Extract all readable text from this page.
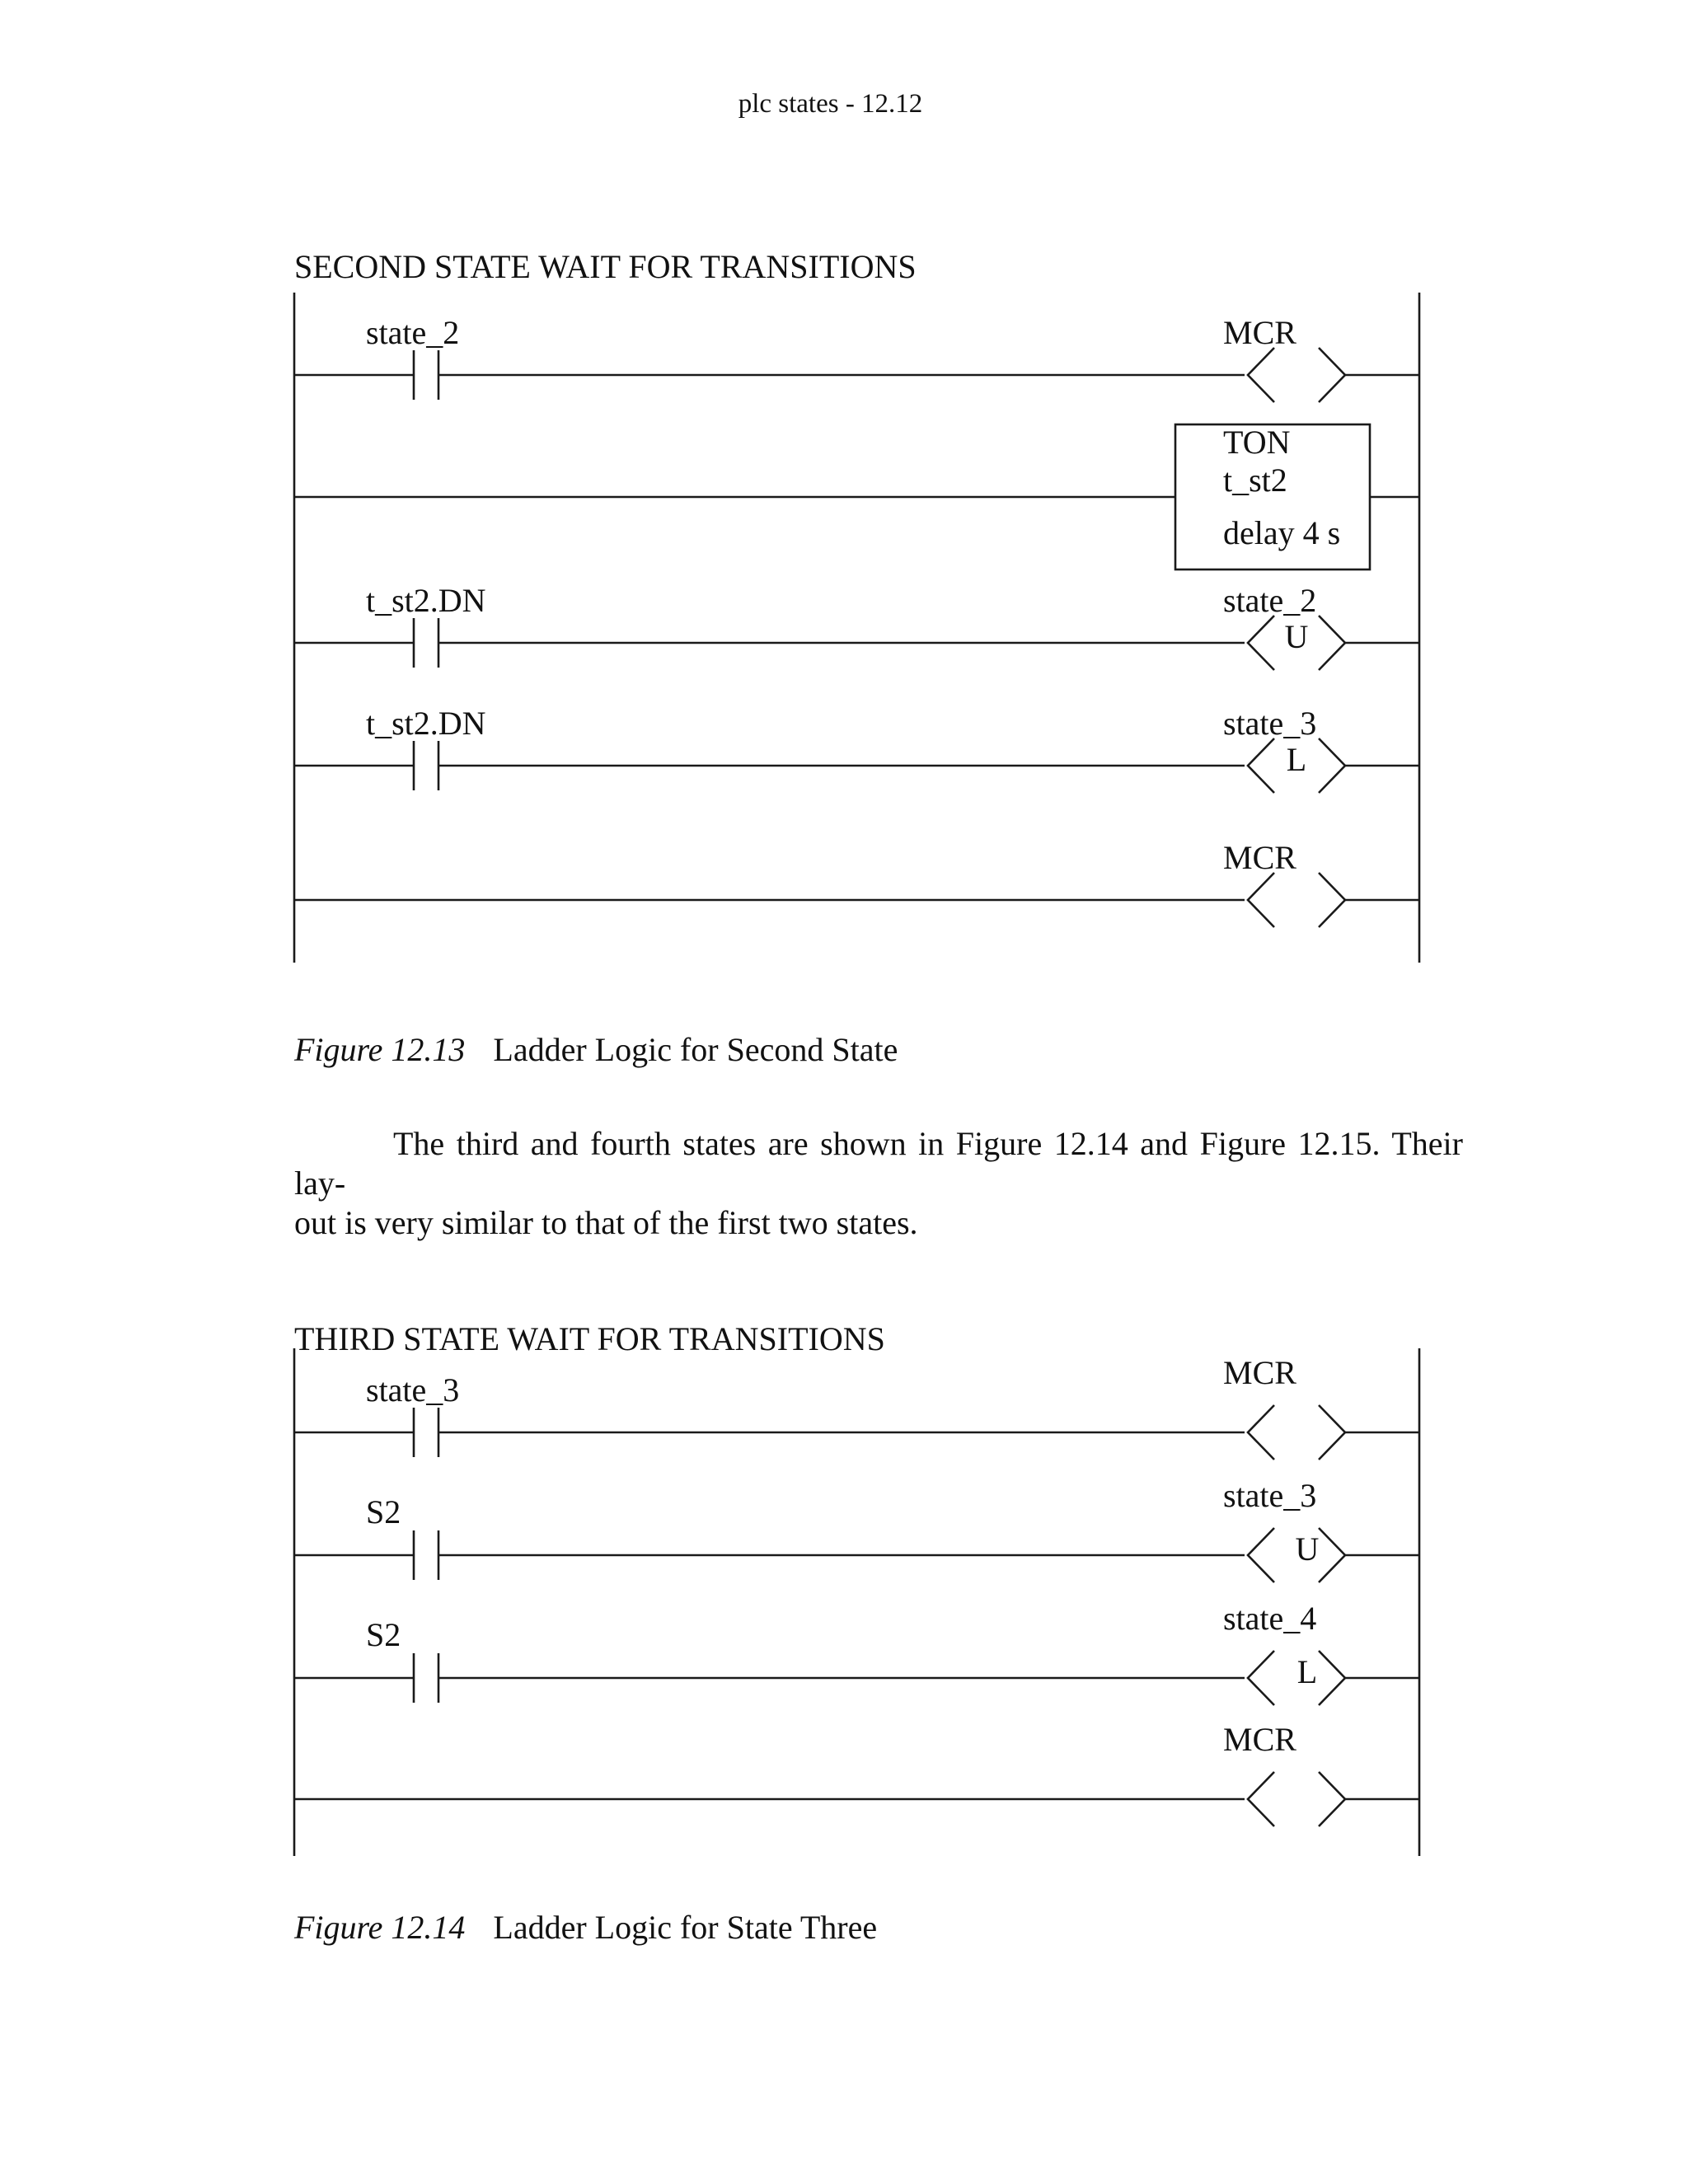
plc states - 12.12
SECOND STATE WAIT FOR TRANSITIONS
state_2	MCR
TON
t_st2
delay 4 s
t_st2.DN	state_2
U
t_st2.DN	state_3
L
MCR
Figure 12.13 Ladder Logic for Second State
The third and fourth states are shown in Figure 12.14 and Figure 12.15. Their lay-
out is very similar to that of the first two states.
THIRD STATE WAIT FOR TRANSITIONS
state_3	MCR
S2	state_3
U
S2	state_4
L
MCR
Figure 12.14 Ladder Logic for State Three
